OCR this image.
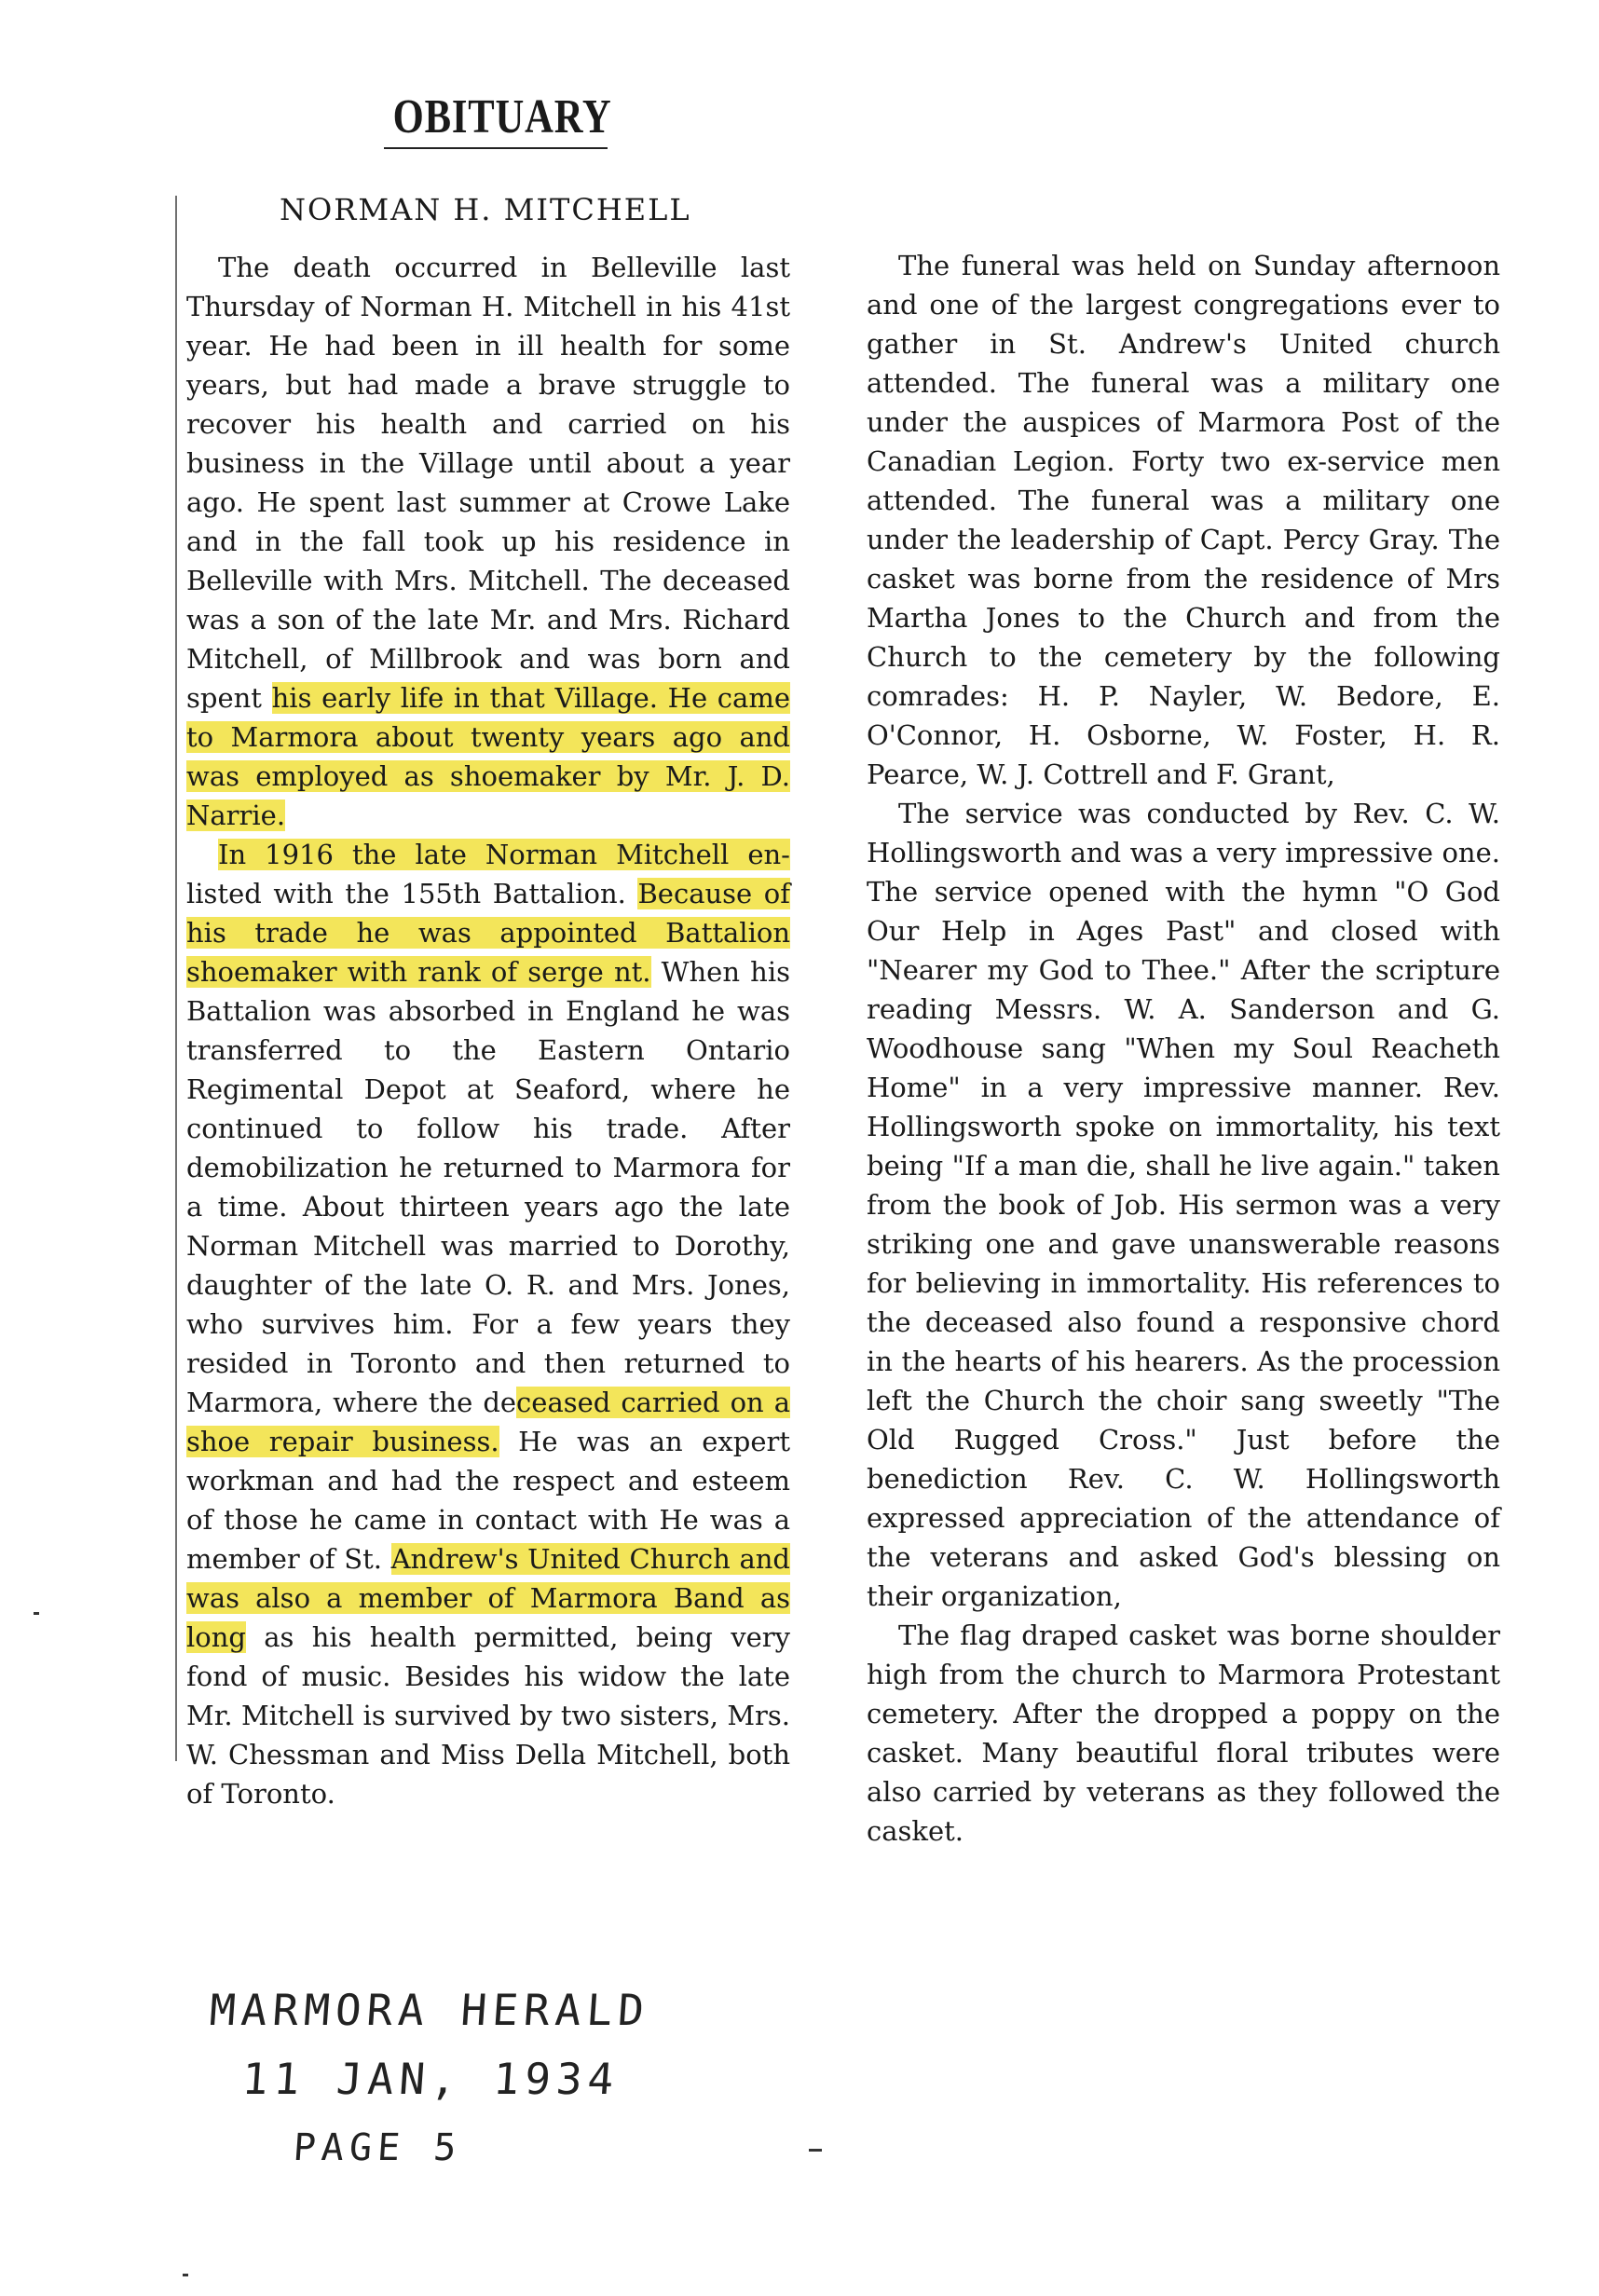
OBITUARY
NORMAN H. MITCHELL

The death occurred in Belleville last Thursday of Norman H. Mitchell in his 41st year. He had been in ill health for some years, but had made a brave struggle to recover his health and carried on his business in the Village until about a year ago. He spent last summer at Crowe Lake and in the fall took up his residence in Belleville with Mrs. Mitchell. The deceased was a son of the late Mr. and Mrs. Richard Mitchell, of Millbrook and was born and spent his early life in that Village. He came to Marmora about twenty years ago and was employed as shoemaker by Mr. J. D. Narrie.

In 1916 the late Norman Mitchell en-listed with the 155th Battalion. Because of his trade he was appointed Battalion shoemaker with rank of serge nt. When his Battalion was absorbed in England he was transferred to the Eastern Ontario Regimental Depot at Seaford, where he continued to follow his trade. After demobilization he returned to Marmora for a time. About thirteen years ago the late Norman Mitchell was married to Dorothy, daughter of the late O. R. and Mrs. Jones, who survives him. For a few years they resided in Toronto and then returned to Marmora, where the deceased carried on a shoe repair business. He was an expert workman and had the respect and esteem of those he came in contact with He was a member of St. Andrew's United Church and was also a member of Marmora Band as long as his health permitted, being very fond of music. Besides his widow the late Mr. Mitchell is survived by two sisters, Mrs. W. Chessman and Miss Della Mitchell, both of Toronto.

The funeral was held on Sunday afternoon and one of the largest congregations ever to gather in St. Andrew's United church attended. The funeral was a military one under the auspices of Marmora Post of the Canadian Legion. Forty two ex-service men attended. The funeral was a military one under the leadership of Capt. Percy Gray. The casket was borne from the residence of Mrs Martha Jones to the Church and from the Church to the cemetery by the following comrades: H. P. Nayler, W. Bedore, E. O'Connor, H. Osborne, W. Foster, H. R. Pearce, W. J. Cottrell and F. Grant,

The service was conducted by Rev. C. W. Hollingsworth and was a very impressive one. The service opened with the hymn "O God Our Help in Ages Past" and closed with "Nearer my God to Thee." After the scripture reading Messrs. W. A. Sanderson and G. Woodhouse sang "When my Soul Reacheth Home" in a very impressive manner. Rev. Hollingsworth spoke on immortality, his text being "If a man die, shall he live again." taken from the book of Job. His sermon was a very striking one and gave unanswerable reasons for believing in immortality. His references to the deceased also found a responsive chord in the hearts of his hearers. As the procession left the Church the choir sang sweetly "The Old Rugged Cross." Just before the benediction Rev. C. W. Hollingsworth expressed appreciation of the attendance of the veterans and asked God's blessing on their organization,

The flag draped casket was borne shoulder high from the church to Marmora Protestant cemetery. After the dropped a poppy on the casket. Many beautiful floral tributes were also carried by veterans as they followed the casket.

MARMORA HERALD
11 JAN, 1934
PAGE 5
